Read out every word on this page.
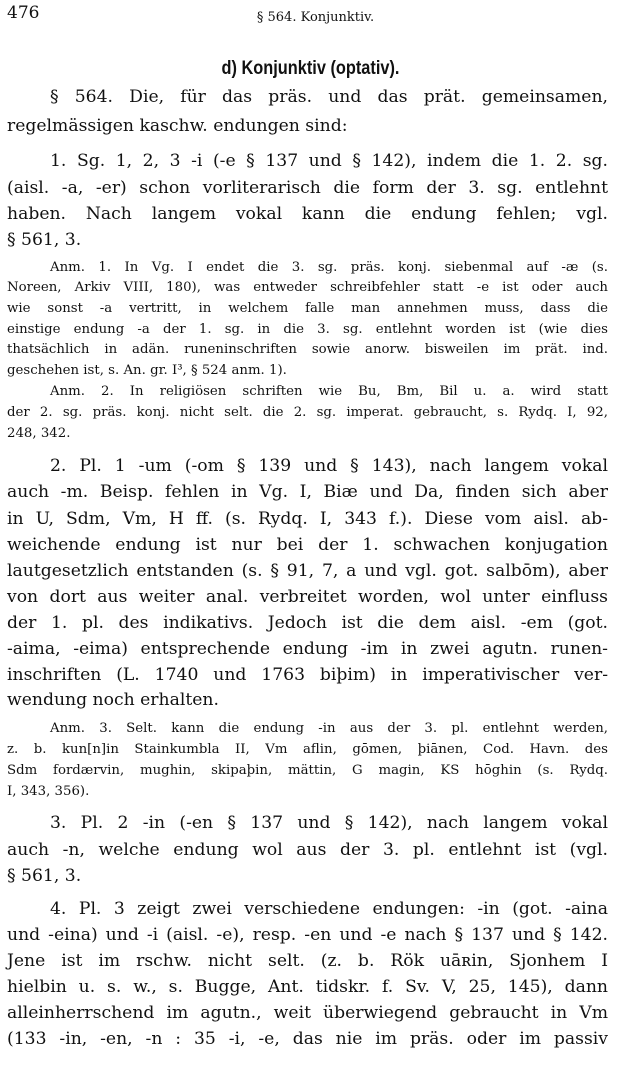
476	§ 564. Konjunktiv.
d) Konjunktiv (optativ).
§ 564. Die, für das präs. und das prät. gemeinsamen,
regelmässigen kaschw. endungen sind:
1. Sg. 1, 2, 3 -i (-e § 137 und § 142), indem die 1. 2. sg.
(aisl. -a, -er) schon vorliterarisch die form der 3. sg. entlehnt
haben. Nach langem vokal kann die endung fehlen; vgl.
§ 561, 3.
Anm. 1. In Vg. I endet die 3. sg. präs. konj. siebenmal auf -æ (s.
Noreen, Arkiv VIII, 180), was entweder schreibfehler statt -e ist oder auch
wie sonst -a vertritt, in welchem falle man annehmen muss, dass die
einstige endung -a der 1. sg. in die 3. sg. entlehnt worden ist (wie dies
thatsächlich in adän. runeninschriften sowie anorw. bisweilen im prät. ind.
geschehen ist, s. An. gr. I³, § 524 anm. 1).
Anm. 2. In religiösen schriften wie Bu, Bm, Bil u. a. wird statt
der 2. sg. präs. konj. nicht selt. die 2. sg. imperat. gebraucht, s. Rydq. I, 92,
248, 342.
2. Pl. 1 -um (-om § 139 und § 143), nach langem vokal
auch -m. Beisp. fehlen in Vg. I, Biæ und Da, finden sich aber
in U, Sdm, Vm, H ff. (s. Rydq. I, 343 f.). Diese vom aisl. ab-
weichende endung ist nur bei der 1. schwachen konjugation
lautgesetzlich entstanden (s. § 91, 7, a und vgl. got. salbōm), aber
von dort aus weiter anal. verbreitet worden, wol unter einfluss
der 1. pl. des indikativs. Jedoch ist die dem aisl. -em (got.
-aima, -eima) entsprechende endung -im in zwei agutn. runen-
inschriften (L. 1740 und 1763 biþim) in imperativischer ver-
wendung noch erhalten.
Anm. 3. Selt. kann die endung -in aus der 3. pl. entlehnt werden,
z. b. kun[n]in Stainkumbla II, Vm aflin, gōmen, þiānen, Cod. Havn. des
Sdm fordærvin, mughin, skipaþin, mättin, G magin, KS hōghin (s. Rydq.
I, 343, 356).
3. Pl. 2 -in (-en § 137 und § 142), nach langem vokal
auch -n, welche endung wol aus der 3. pl. entlehnt ist (vgl.
§ 561, 3.
4. Pl. 3 zeigt zwei verschiedene endungen: -in (got. -aina
und -eina) und -i (aisl. -e), resp. -en und -e nach § 137 und § 142.
Jene ist im rschw. nicht selt. (z. b. Rök uāʀin, Sjonhem I
hielbin u. s. w., s. Bugge, Ant. tidskr. f. Sv. V, 25, 145), dann
alleinherrschend im agutn., weit überwiegend gebraucht in Vm
(133 -in, -en, -n : 35 -i, -e, das nie im präs. oder im passiv
